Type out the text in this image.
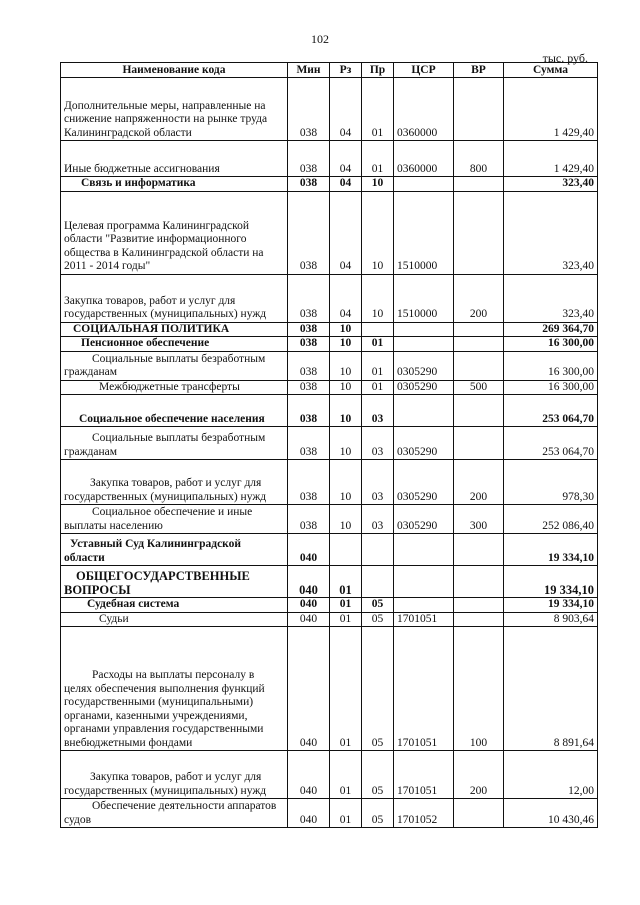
102
тыс. руб.
Наименование кода	Мин	Рз	Пр	ЦСР	ВР	Сумма
Дополнительные меры, направленные на снижение напряженности на рынке труда Калининградской области	038	04	01	0360000		1 429,40
Иные бюджетные ассигнования	038	04	01	0360000	800	1 429,40
Связь и информатика	038	04	10			323,40
Целевая программа Калининградской области "Развитие информационного общества в Калининградской области на 2011 - 2014 годы"	038	04	10	1510000		323,40
Закупка товаров, работ и услуг для государственных (муниципальных) нужд	038	04	10	1510000	200	323,40
СОЦИАЛЬНАЯ ПОЛИТИКА	038	10				269 364,70
Пенсионное обеспечение	038	10	01			16 300,00
Социальные выплаты безработным гражданам	038	10	01	0305290		16 300,00
Межбюджетные трансферты	038	10	01	0305290	500	16 300,00
Социальное обеспечение населения	038	10	03			253 064,70
Социальные выплаты безработным гражданам	038	10	03	0305290		253 064,70
Закупка товаров, работ и услуг для государственных (муниципальных) нужд	038	10	03	0305290	200	978,30
Социальное обеспечение и иные выплаты населению	038	10	03	0305290	300	252 086,40
Уставный Суд Калининградской области	040					19 334,10
ОБЩЕГОСУДАРСТВЕННЫЕ ВОПРОСЫ	040	01				19 334,10
Судебная система	040	01	05			19 334,10
Судьи	040	01	05	1701051		8 903,64
Расходы на выплаты персоналу в целях обеспечения выполнения функций государственными (муниципальными) органами, казенными учреждениями, органами управления государственными внебюджетными фондами	040	01	05	1701051	100	8 891,64
Закупка товаров, работ и услуг для государственных (муниципальных) нужд	040	01	05	1701051	200	12,00
Обеспечение деятельности аппаратов судов	040	01	05	1701052		10 430,46
